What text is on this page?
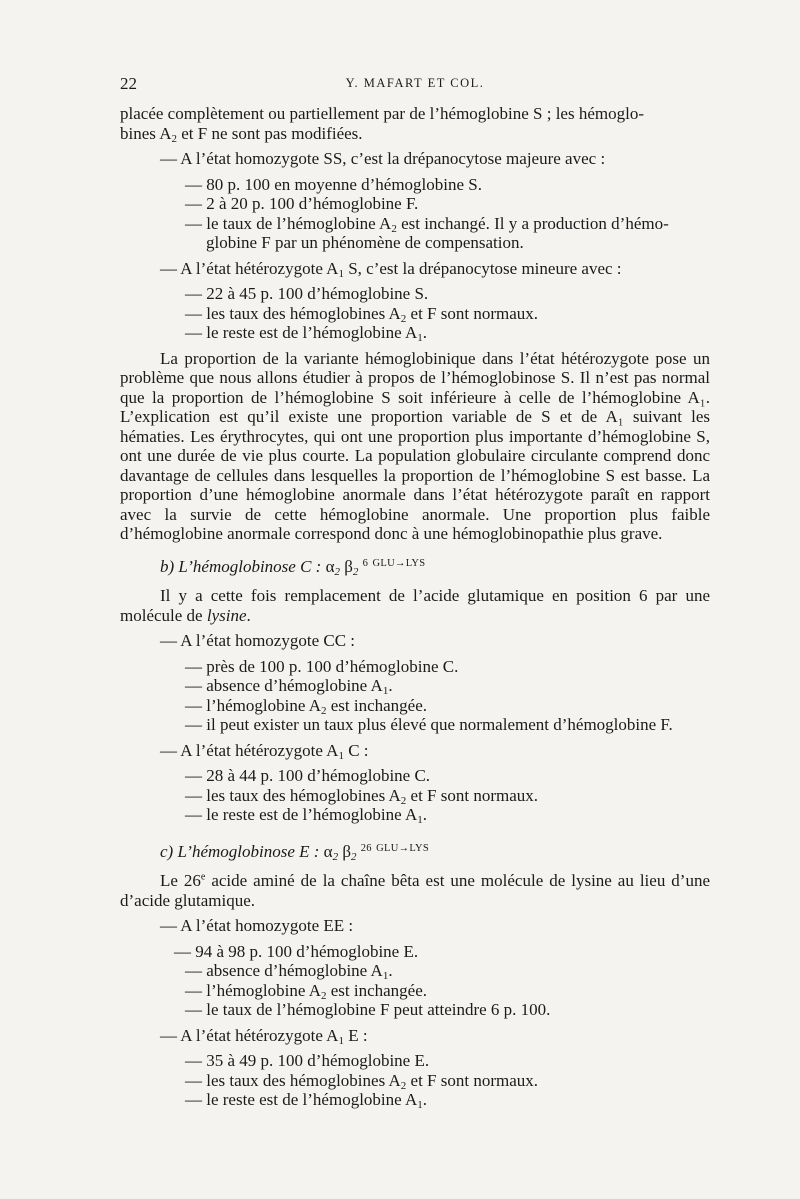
22	Y. MAFART ET COL.

placée complètement ou partiellement par de l’hémoglobine S ; les hémoglo-

bines $A_2$ et F ne sont pas modifiées.

— A l’état homozygote SS, c’est la drépanocytose majeure avec :

— 80 p. 100 en moyenne d’hémoglobine S.

— 2 à 20 p. 100 d’hémoglobine F.

— le taux de l’hémoglobine $A_2$ est inchangé. Il y a production d’hémo-

globine F par un phénomène de compensation.

— A l’état hétérozygote $A_1$ S, c’est la drépanocytose mineure avec :

— 22 à 45 p. 100 d’hémoglobine S.

— les taux des hémoglobines $A_2$ et F sont normaux.

— le reste est de l’hémoglobine $A_1$.

La proportion de la variante hémoglobinique dans l’état hétérozygote pose un problème que nous allons étudier à propos de l’hémoglobinose S. Il n’est pas normal que la proportion de l’hémoglobine S soit inférieure à celle de l’hémoglobine A₁. L’explication est qu’il existe une proportion variable de S et de A₁ suivant les hématies. Les érythrocytes, qui ont une proportion plus importante d’hémoglobine S, ont une durée de vie plus courte. La population globulaire circulante comprend donc davantage de cellules dans lesquelles la proportion de l’hémoglobine S est basse. La proportion d’une hémoglobine anormale dans l’état hétérozygote paraît en rapport avec la survie de cette hémoglobine anormale. Une proportion plus faible d’hémoglobine anormale correspond donc à une hémoglobinopathie plus grave.

b) L’hémoglobinose C : $\alpha_2$ $\beta_2$ $^6$ $^{GLU\to LYS}$

Il y a cette fois remplacement de l’acide glutamique en position 6 par une molécule de lysine.

— A l’état homozygote CC :

— près de 100 p. 100 d’hémoglobine C.

— absence d’hémoglobine $A_1$.

— l’hémoglobine $A_2$ est inchangée.

— il peut exister un taux plus élevé que normalement d’hémoglobine F.

— A l’état hétérozygote $A_1$ C :

— 28 à 44 p. 100 d’hémoglobine C.

— les taux des hémoglobines $A_2$ et F sont normaux.

— le reste est de l’hémoglobine $A_1$.

c) L’hémoglobinose E : $\alpha_2$ $\beta_2$ $^{26}$ $^{GLU\to LYS}$

Le 26e acide aminé de la chaîne bêta est une molécule de lysine au lieu d’une d’acide glutamique.

— A l’état homozygote EE :

— 94 à 98 p. 100 d’hémoglobine E.

— absence d’hémoglobine $A_1$.

— l’hémoglobine $A_2$ est inchangée.

— le taux de l’hémoglobine F peut atteindre 6 p. 100.

— A l’état hétérozygote $A_1$ E :

— 35 à 49 p. 100 d’hémoglobine E.

— les taux des hémoglobines $A_2$ et F sont normaux.

— le reste est de l’hémoglobine $A_1$.
